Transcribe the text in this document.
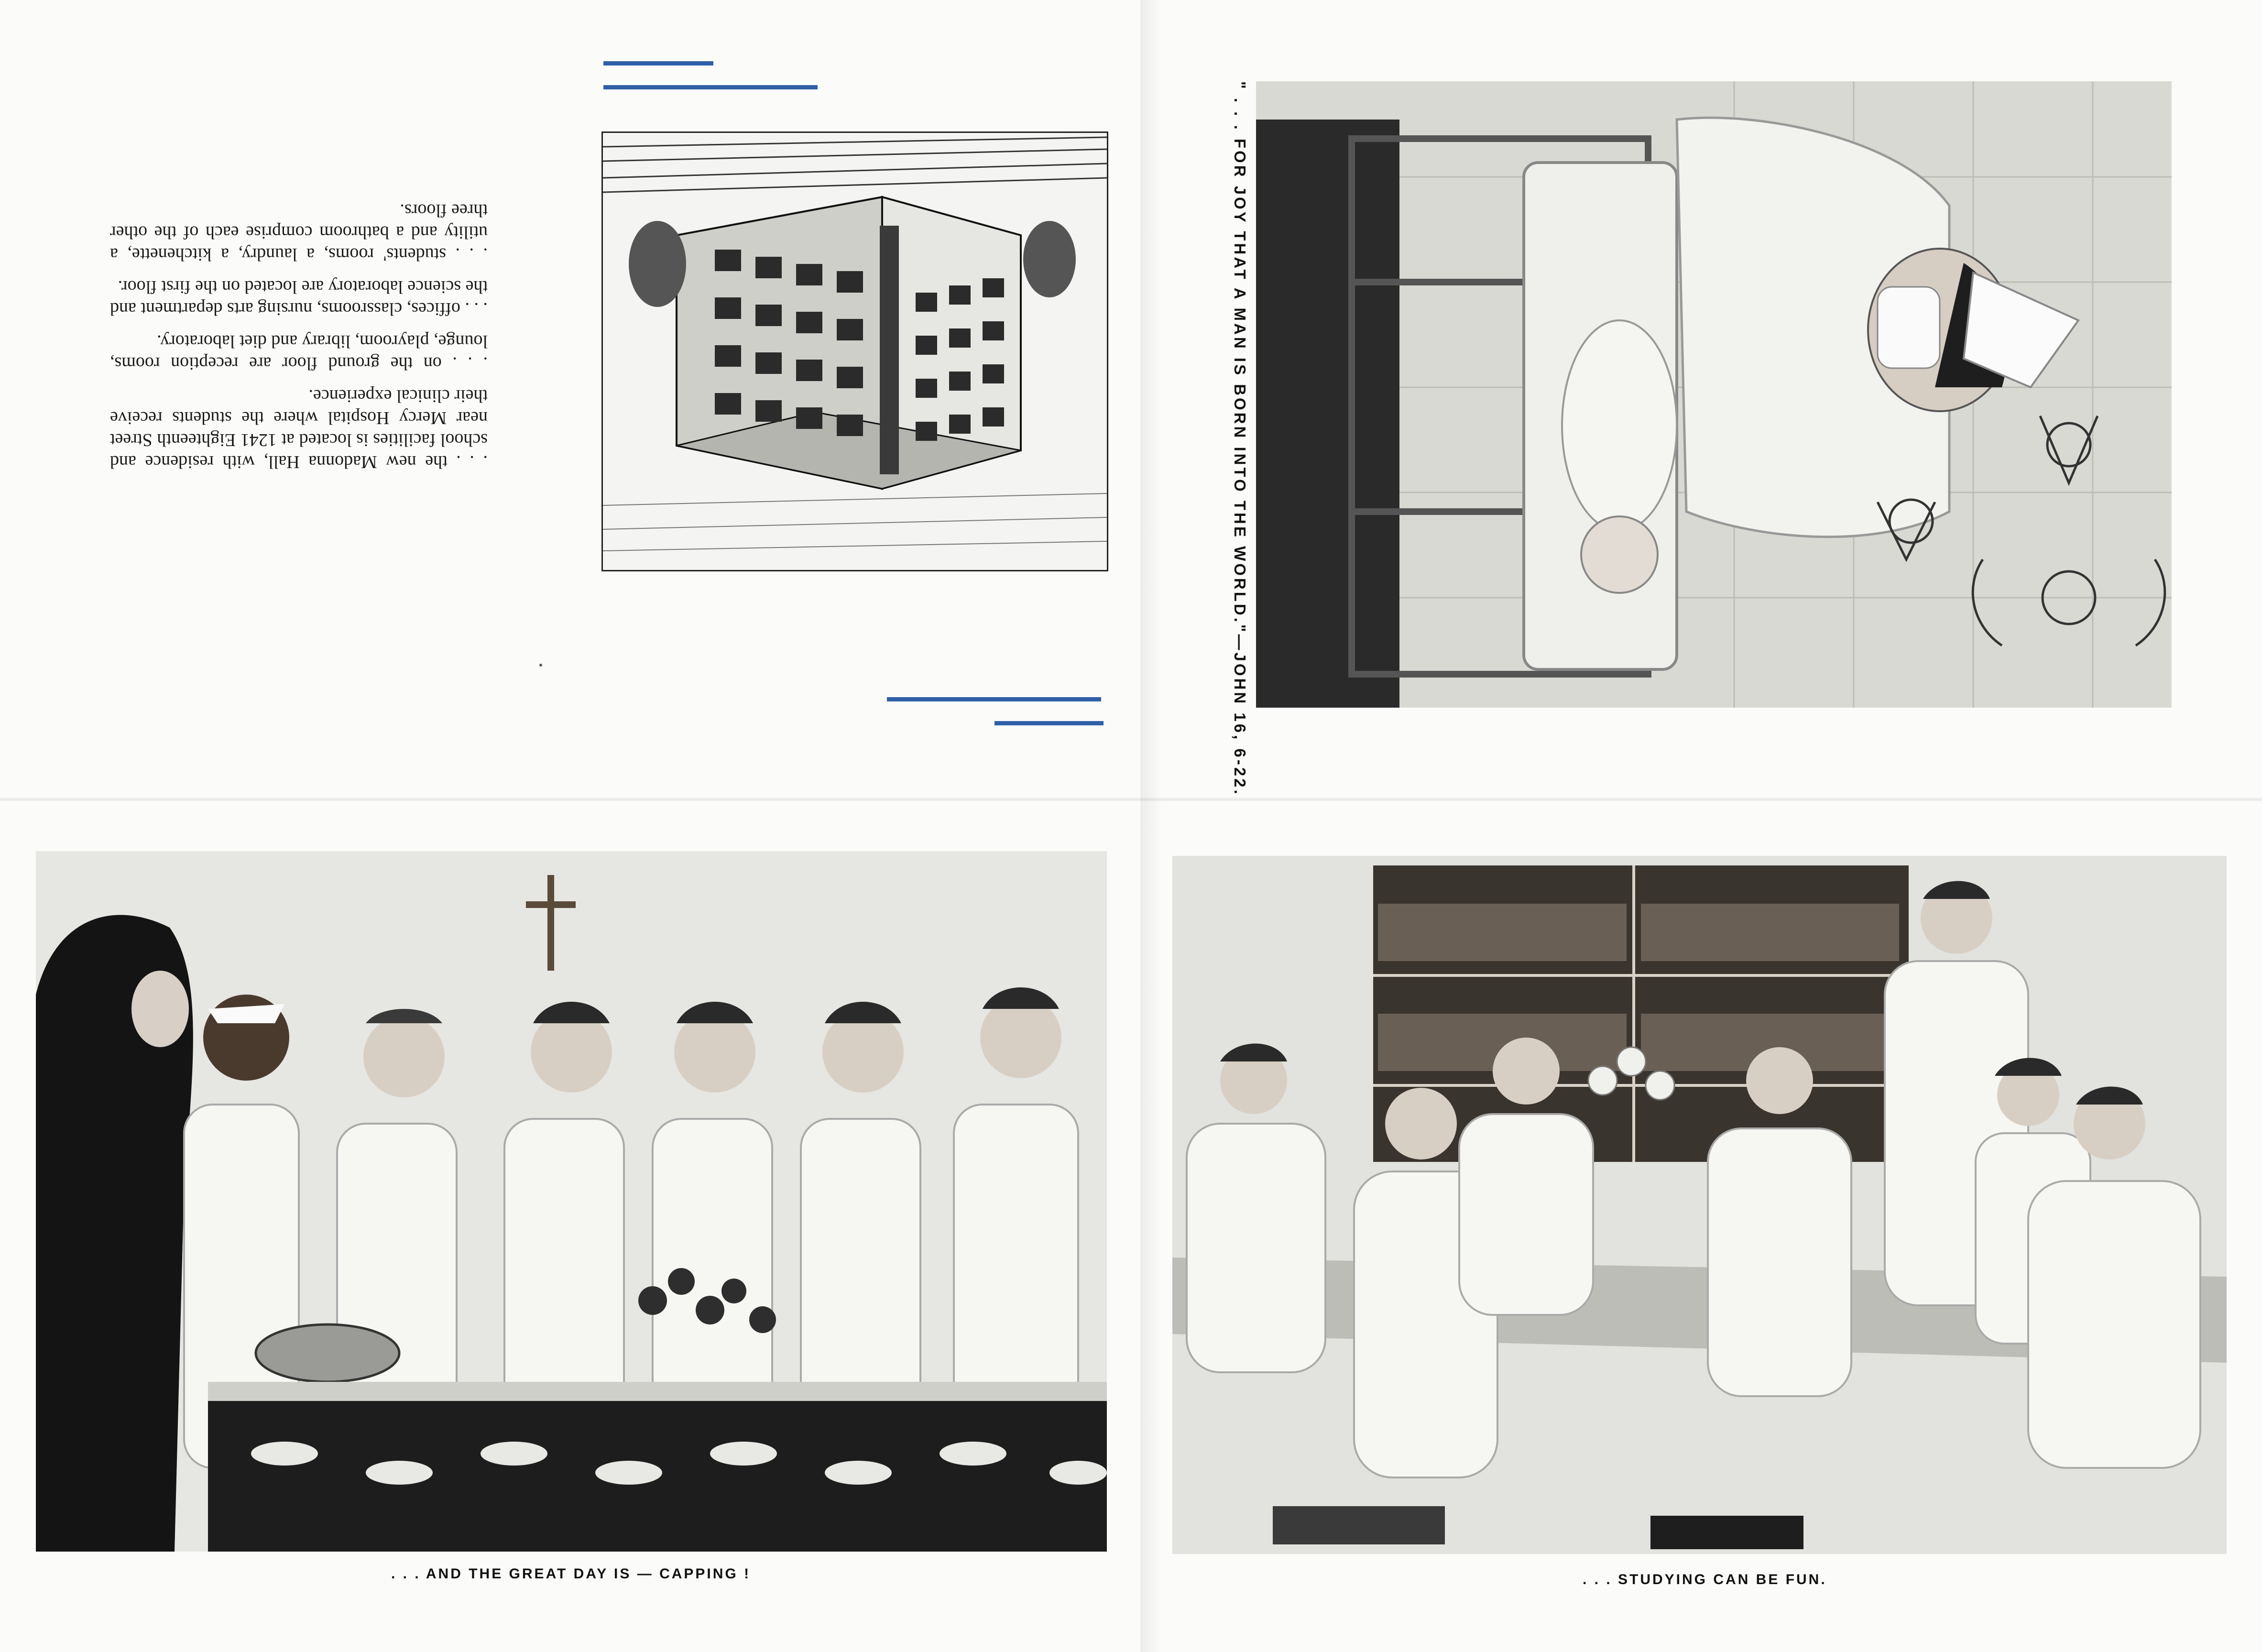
. . . the new Madonna Hall, with residence and school facilities is located at 1241 Eighteenth Street near Mercy Hospital where the students receive their clinical experience.

. . . on the ground floor are reception rooms, lounge, playroom, library and diet laboratory.

. . . offices, classrooms, nursing arts department and the science laboratory are located on the first floor.

. . . students' rooms, a laundry, a kitchenette, a utility and a bathroom comprise each of the other three floors.	" . . . FOR JOY THAT A MAN IS BORN INTO THE WORLD."—JOHN 16, 6-22.
. . . AND THE GREAT DAY IS — CAPPING !	. . . STUDYING CAN BE FUN.
